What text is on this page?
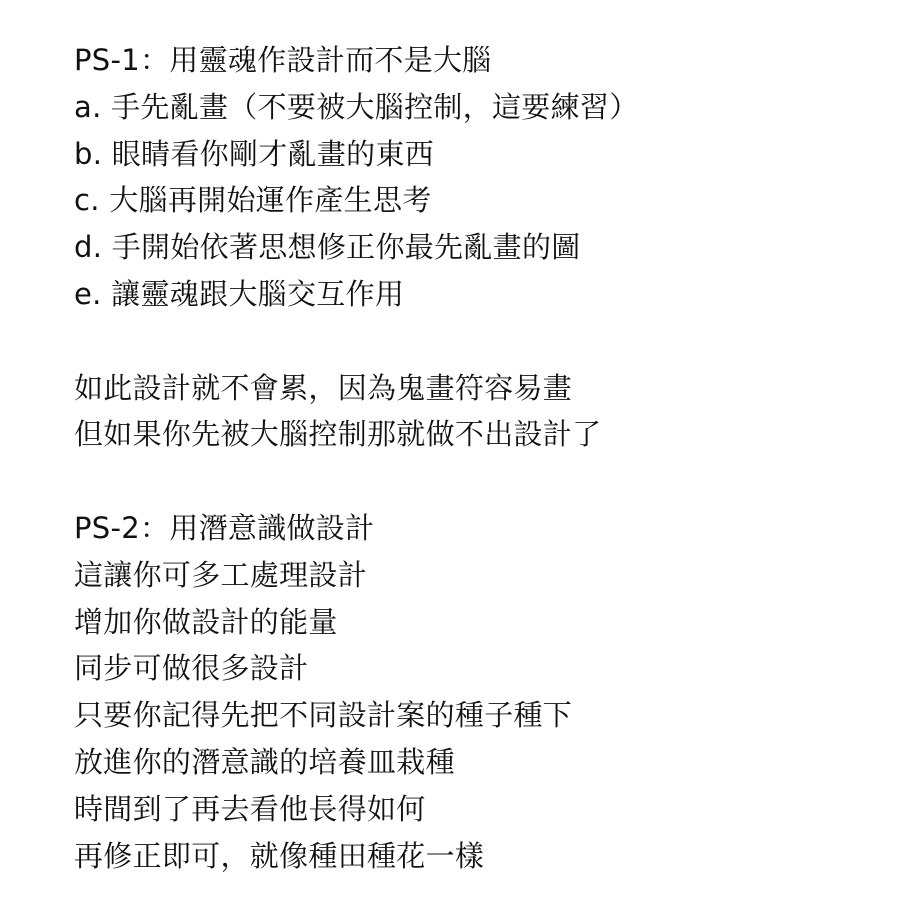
PS-1：用靈魂作設計而不是大腦
a. 手先亂畫（不要被大腦控制，這要練習）
b. 眼睛看你剛才亂畫的東西
c. 大腦再開始運作產生思考
d. 手開始依著思想修正你最先亂畫的圖
e. 讓靈魂跟大腦交互作用
如此設計就不會累，因為鬼畫符容易畫
但如果你先被大腦控制那就做不出設計了
PS-2：用潛意識做設計
這讓你可多工處理設計
增加你做設計的能量
同步可做很多設計
只要你記得先把不同設計案的種子種下
放進你的潛意識的培養皿栽種
時間到了再去看他長得如何
再修正即可，就像種田種花一樣
